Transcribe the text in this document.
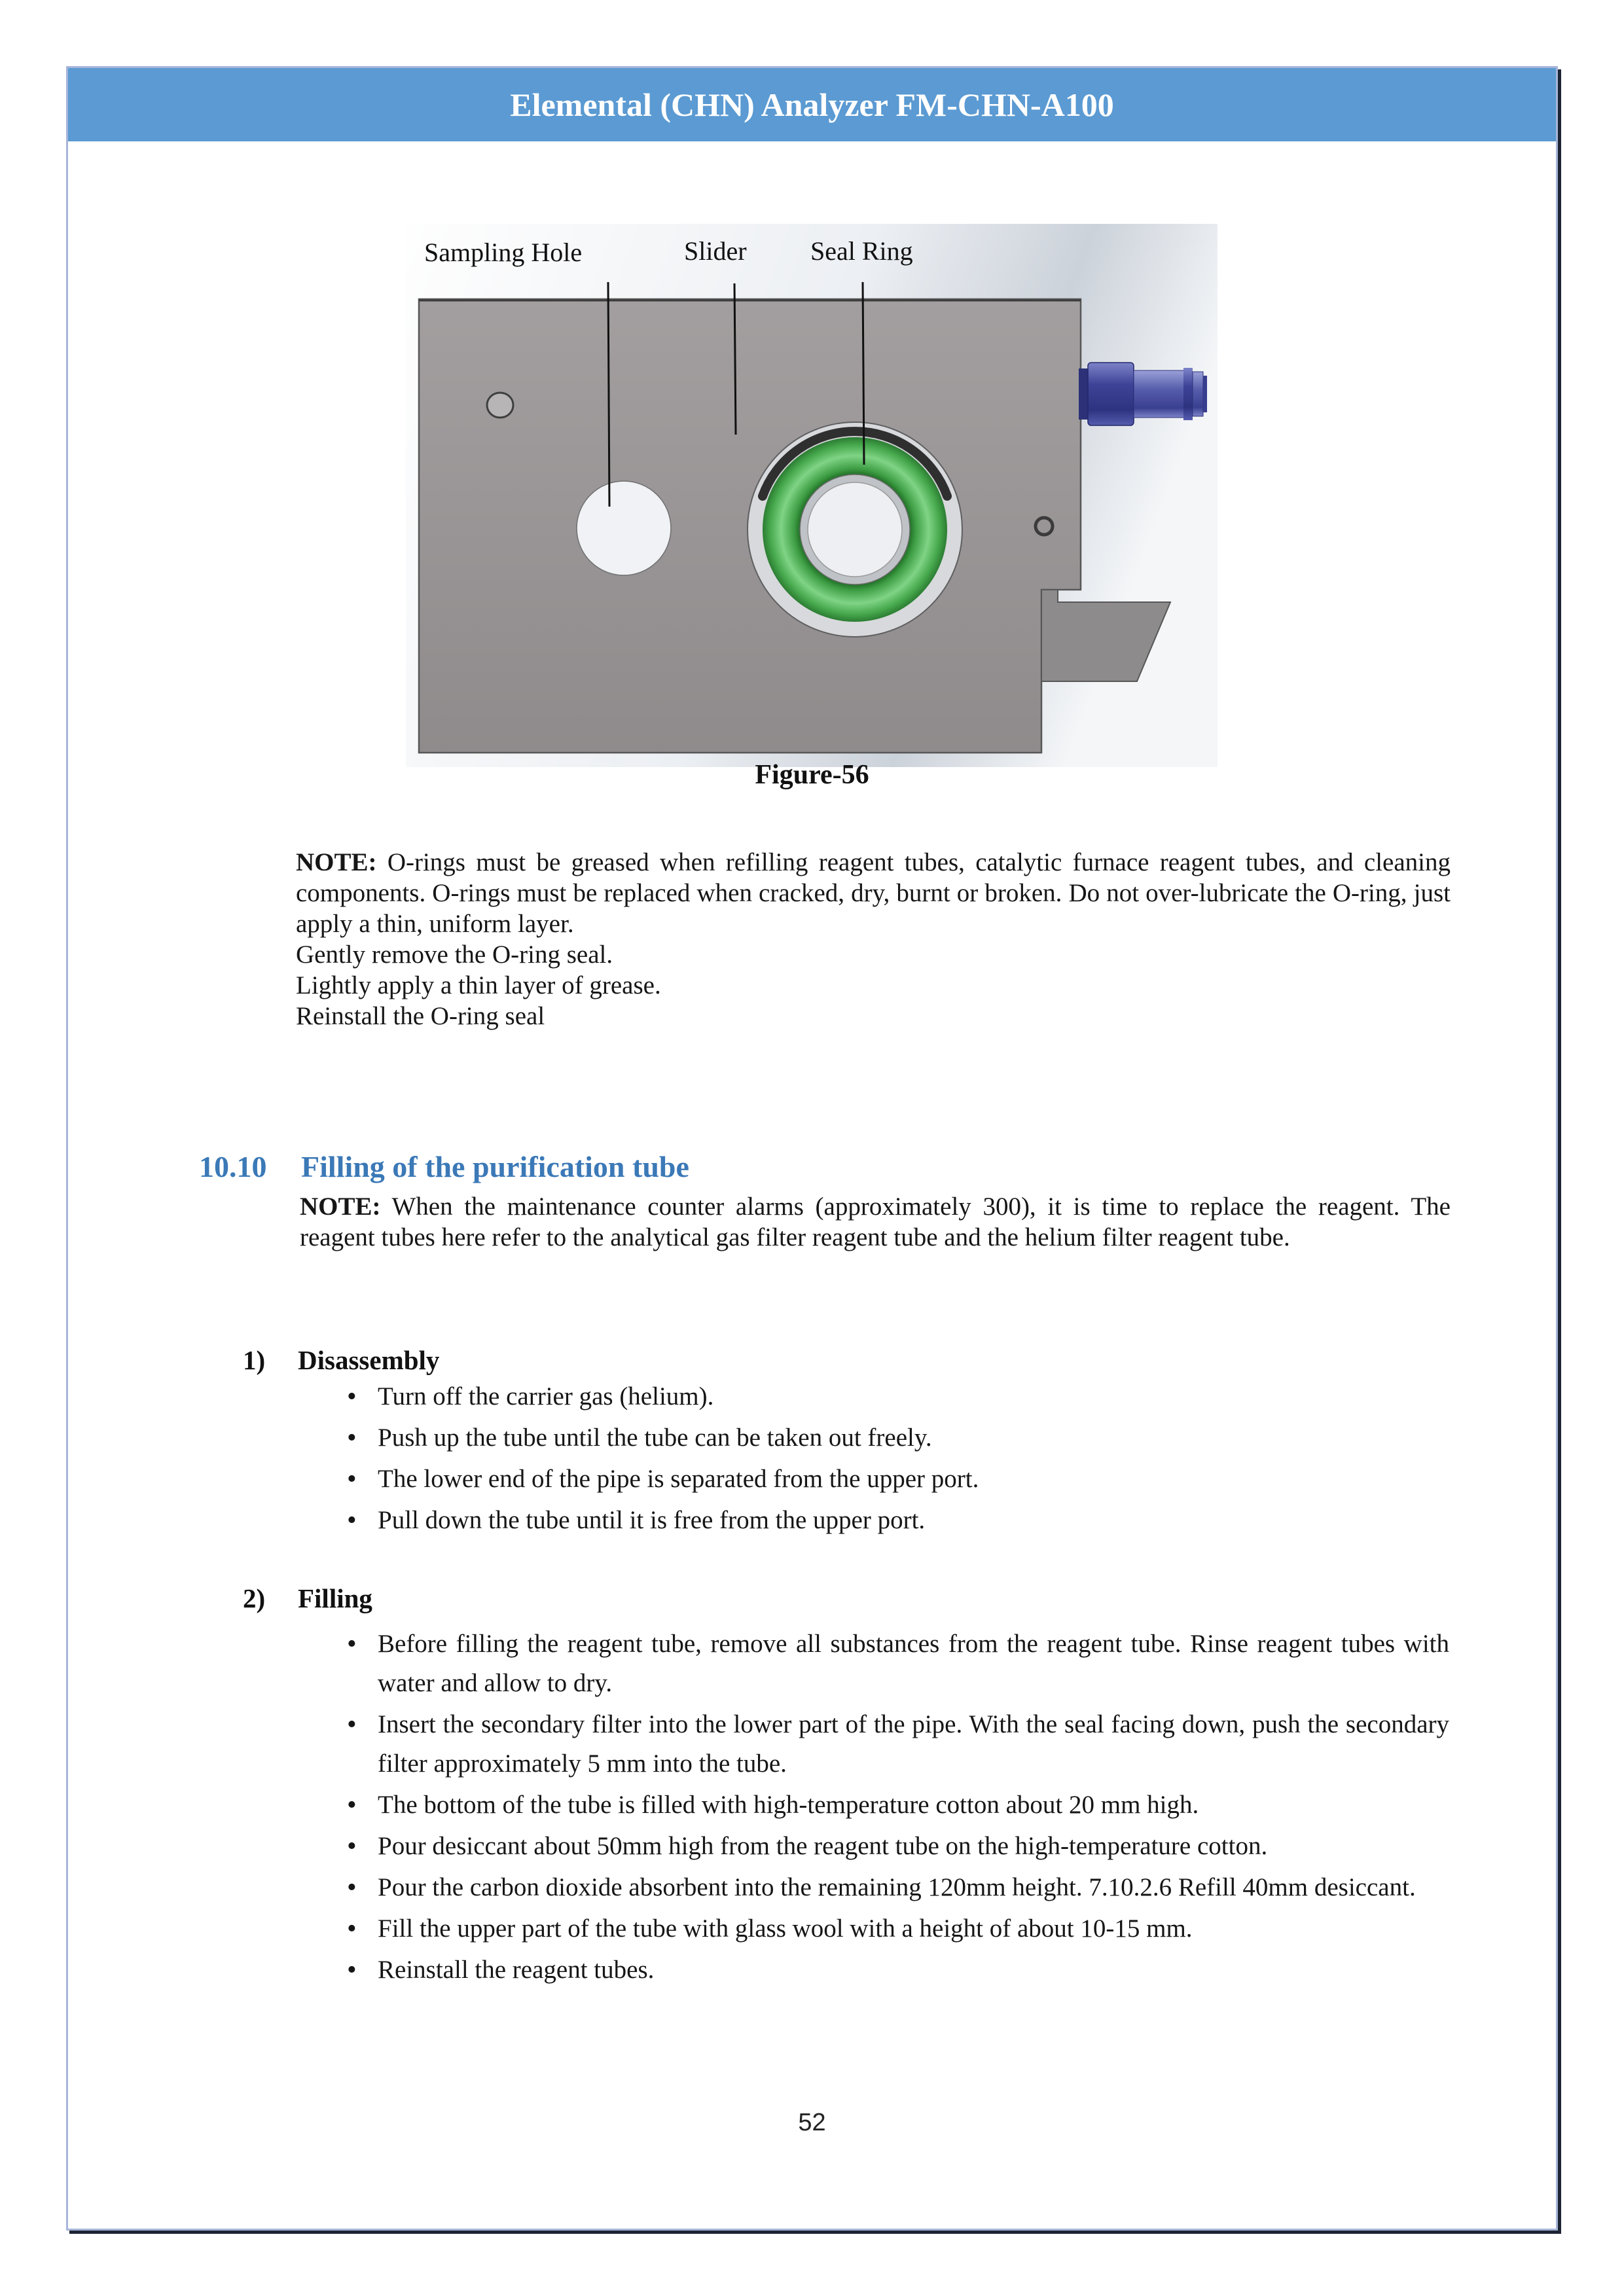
Elemental (CHN) Analyzer FM-CHN-A100
Sampling Hole	Slider Seal Ring
Figure-56

NOTE: O-rings must be greased when refilling reagent tubes, catalytic furnace reagent tubes, and cleaning components. O-rings must be replaced when cracked, dry, burnt or broken. Do not over-lubricate the O-ring, just apply a thin, uniform layer.

Gently remove the O-ring seal.
Lightly apply a thin layer of grease.
Reinstall the O-ring seal
10.10	Filling of the purification tube

NOTE: When the maintenance counter alarms (approximately 300), it is time to replace the reagent. The reagent tubes here refer to the analytical gas filter reagent tube and the helium filter reagent tube.

1)	Disassembly
• Turn off the carrier gas (helium).
• Push up the tube until the tube can be taken out freely.
• The lower end of the pipe is separated from the upper port.
• Pull down the tube until it is free from the upper port.
2)	Filling
• Before filling the reagent tube, remove all substances from the reagent tube. Rinse reagent tubes with water and allow to dry.
• Insert the secondary filter into the lower part of the pipe. With the seal facing down, push the secondary filter approximately 5 mm into the tube.
• The bottom of the tube is filled with high-temperature cotton about 20 mm high.
• Pour desiccant about 50mm high from the reagent tube on the high-temperature cotton.
• Pour the carbon dioxide absorbent into the remaining 120mm height. 7.10.2.6 Refill 40mm desiccant.
• Fill the upper part of the tube with glass wool with a height of about 10-15 mm.
• Reinstall the reagent tubes.
52
